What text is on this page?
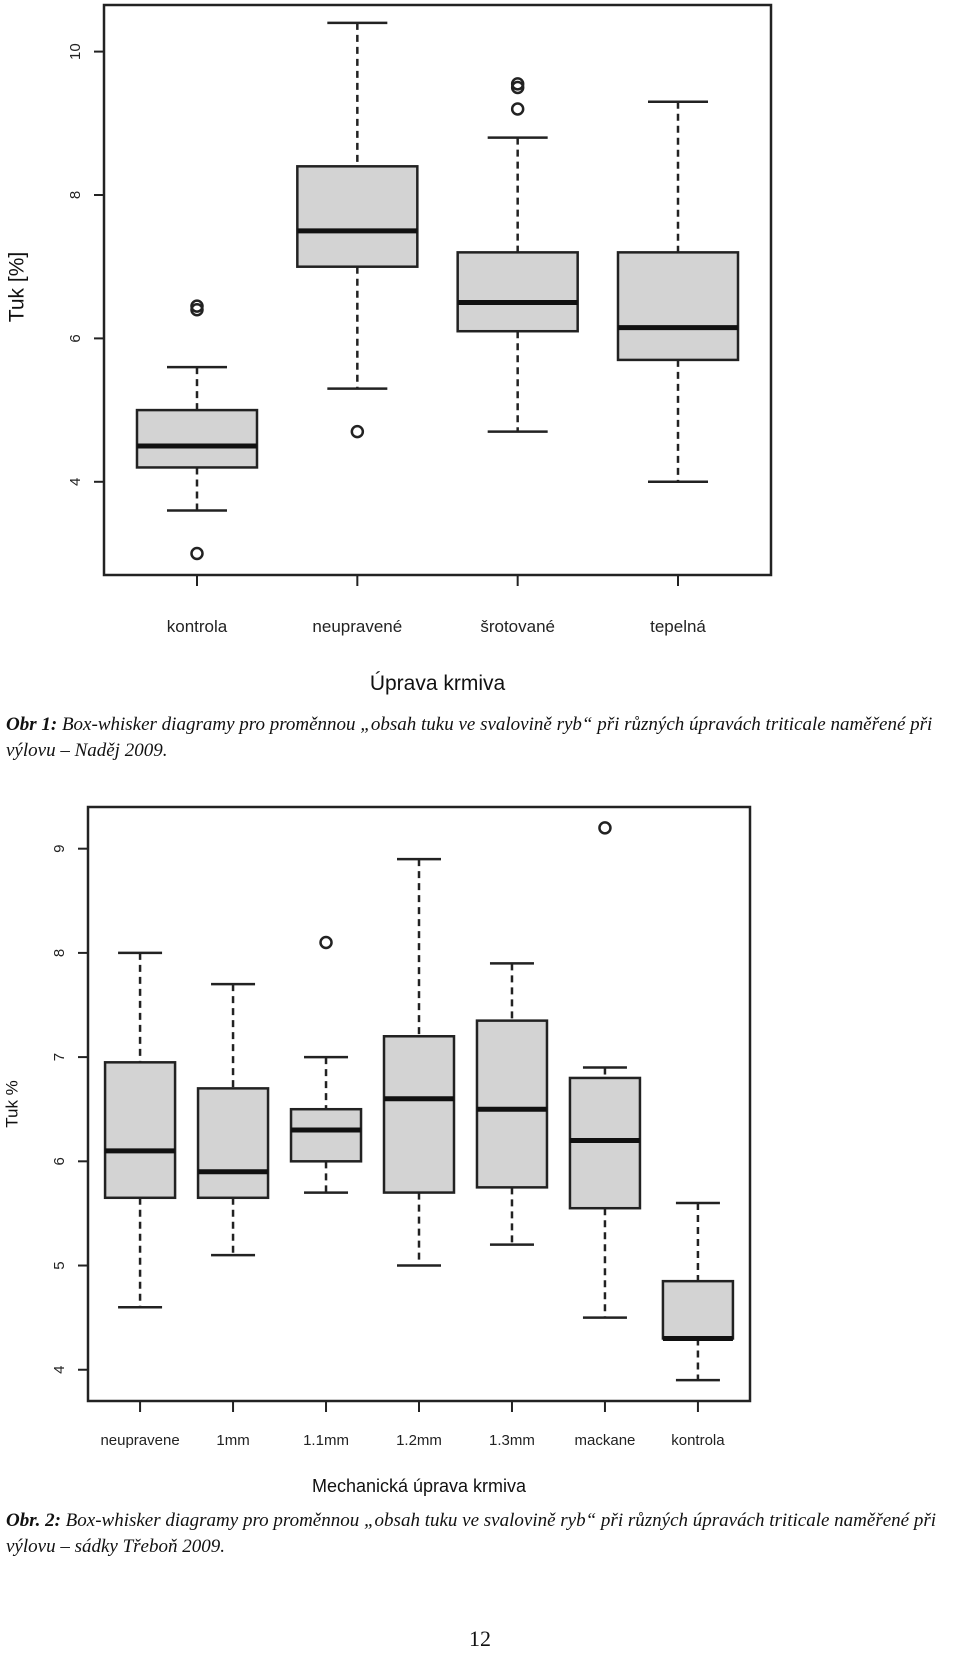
4
6
8
10
Tuk [%]
kontrola	neupravené	šrotované	tepelná
Úprava krmiva
Obr 1: Box-whisker diagramy pro proměnnou „obsah tuku ve svalovině ryb“ při různých úpravách triticale naměřené při výlovu – Naděj 2009.
4
5
6
7
8
9
Tuk %
neupravene 1mm	1.1mm	1.2mm	1.3mm	mackane kontrola
Mechanická úprava krmiva
Obr. 2: Box-whisker diagramy pro proměnnou „obsah tuku ve svalovině ryb“ při různých úpravách triticale naměřené při výlovu – sádky Třeboň 2009.
12
